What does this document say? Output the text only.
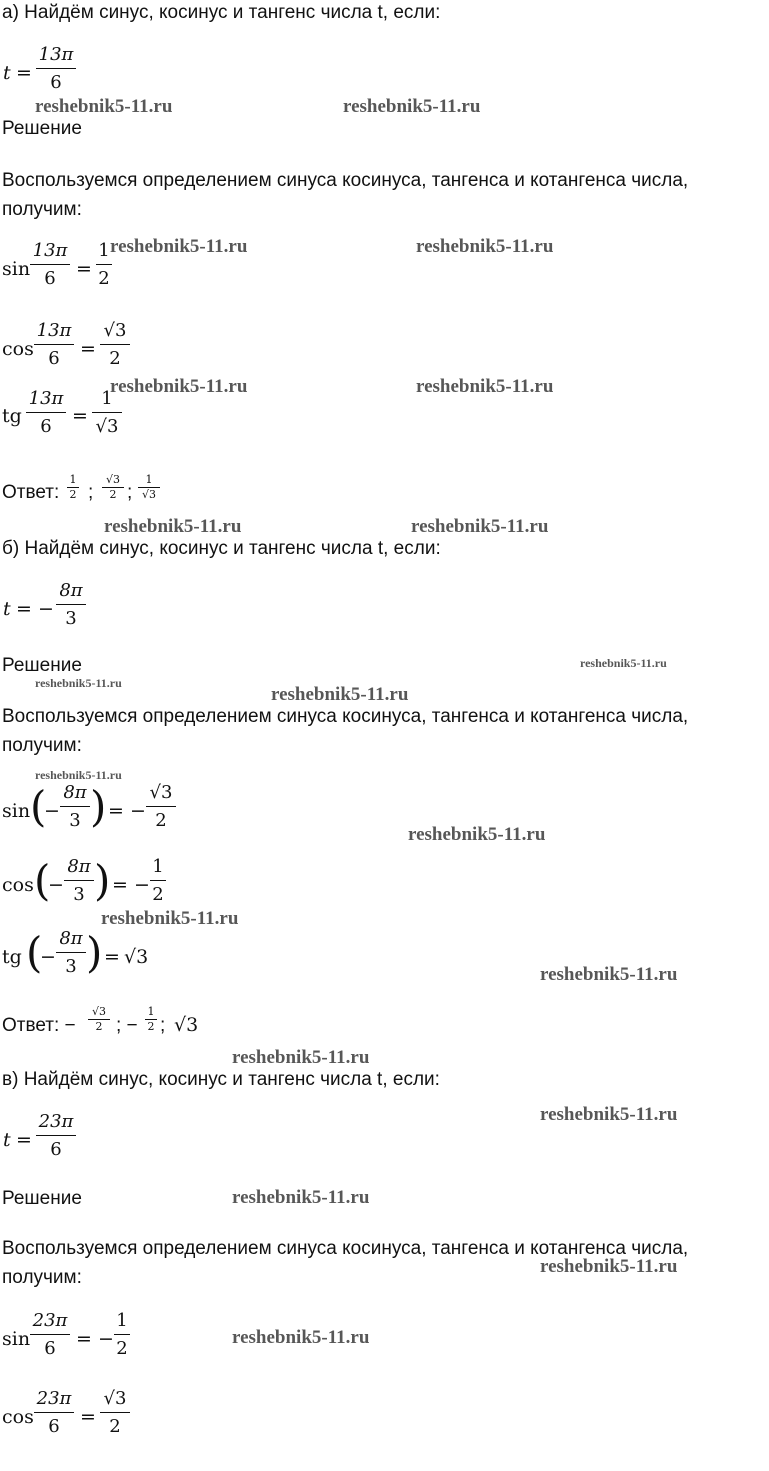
а) Найдём синус, косинус и тангенс числа t, если:
t =
13π
6
Решение
Воспользуемся определением синуса косинуса, тангенса и котангенса числа,
получим:
sin
13π
6	=
1
2
cos
13π
6	=
√3
2
tg
13π
6	=
1
√3
Ответ:
1
2 ;
√3
2 ;
1
√3
б) Найдём синус, косинус и тангенс числа t, если:
t = −
8π
3
Решение
Воспользуемся определением синуса косинуса, тангенса и котангенса числа,
получим:
sin (
−
8π
3 ) = −
√3
2
cos (
−
8π
3 ) = −
1
2
tg (
−
8π
3 ) = √3
Ответ: −
√3
2 ; −
1
2 ; √3
в) Найдём синус, косинус и тангенс числа t, если:
t =
23π
6
Решение
Воспользуемся определением синуса косинуса, тангенса и котангенса числа,
получим:
sin
23π
6	= −
1
2
cos
23π
6	=
√3
2
reshebnik5-11.ru	reshebnik5-11.ru
reshebnik5-11.ru	reshebnik5-11.ru
reshebnik5-11.ru	reshebnik5-11.ru
reshebnik5-11.ru	reshebnik5-11.ru
reshebnik5-11.ru
reshebnik5-11.ru
reshebnik5-11.ru
reshebnik5-11.ru
reshebnik5-11.ru
reshebnik5-11.ru
reshebnik5-11.ru
reshebnik5-11.ru
reshebnik5-11.ru
reshebnik5-11.ru
reshebnik5-11.ru
reshebnik5-11.ru
